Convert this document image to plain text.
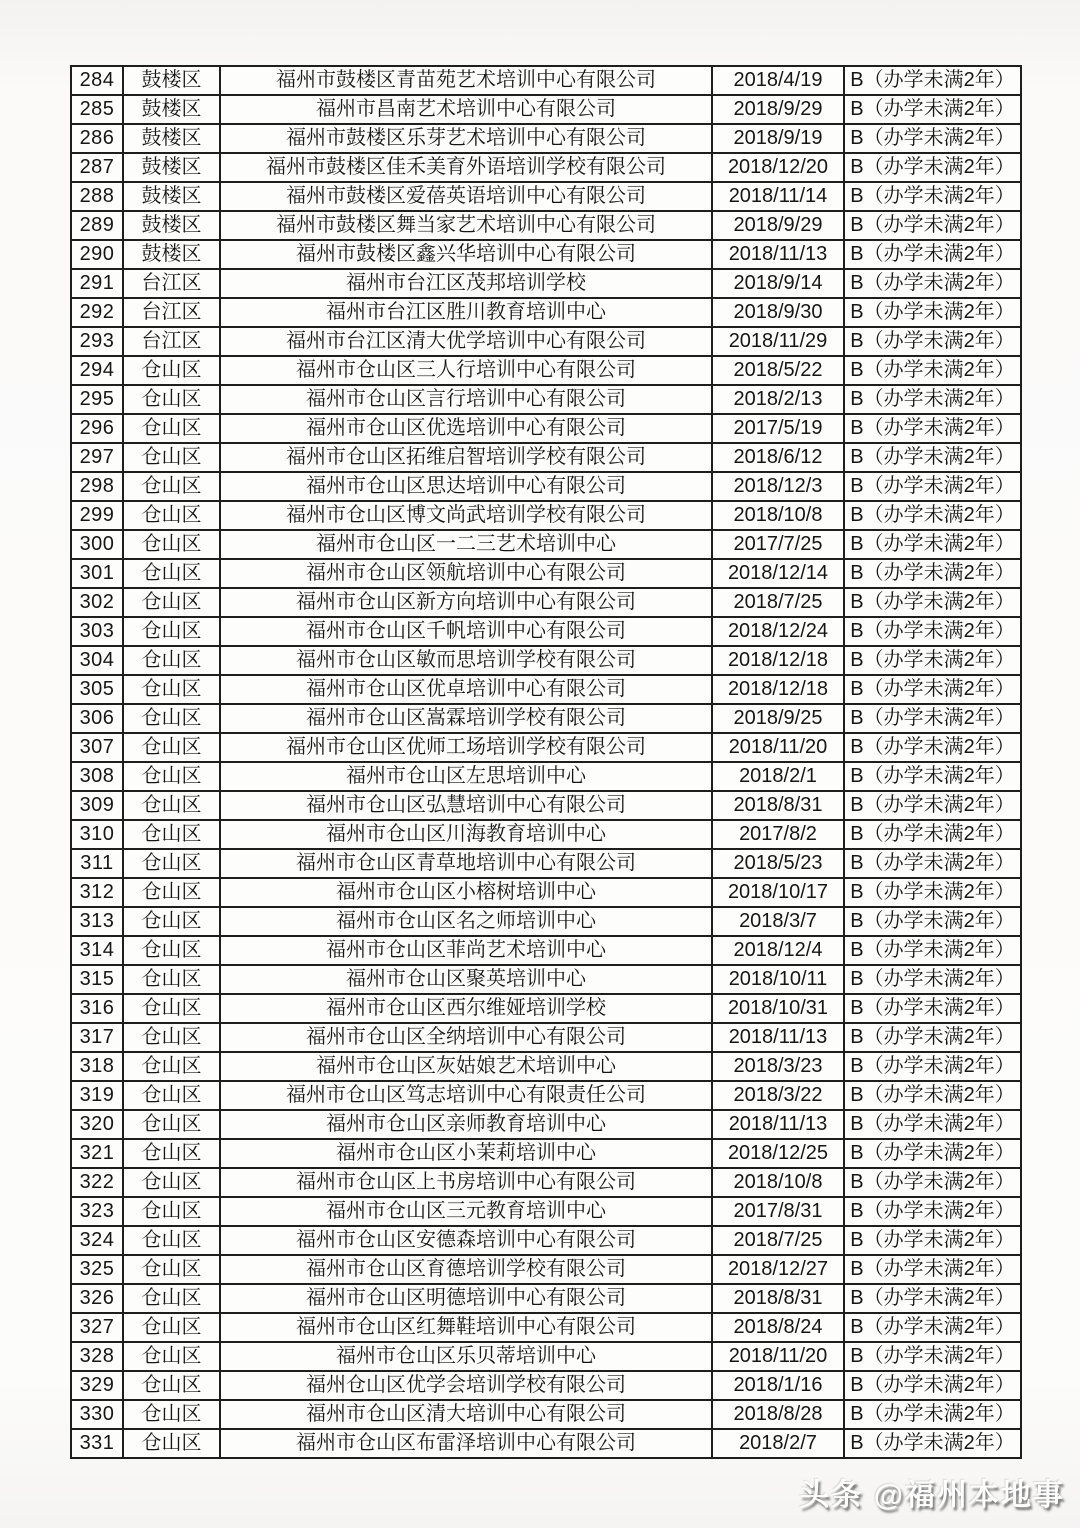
284	鼓楼区	福州市鼓楼区青苗苑艺术培训中心有限公司	2018/4/19	B（办学未满2年）
285	鼓楼区	福州市昌南艺术培训中心有限公司	2018/9/29	B（办学未满2年）
286	鼓楼区	福州市鼓楼区乐芽艺术培训中心有限公司	2018/9/19	B（办学未满2年）
287	鼓楼区	福州市鼓楼区佳禾美育外语培训学校有限公司	2018/12/20	B（办学未满2年）
288	鼓楼区	福州市鼓楼区爱蓓英语培训中心有限公司	2018/11/14	B（办学未满2年）
289	鼓楼区	福州市鼓楼区舞当家艺术培训中心有限公司	2018/9/29	B（办学未满2年）
290	鼓楼区	福州市鼓楼区鑫兴华培训中心有限公司	2018/11/13	B（办学未满2年）
291	台江区	福州市台江区茂邦培训学校	2018/9/14	B（办学未满2年）
292	台江区	福州市台江区胜川教育培训中心	2018/9/30	B（办学未满2年）
293	台江区	福州市台江区清大优学培训中心有限公司	2018/11/29	B（办学未满2年）
294	仓山区	福州市仓山区三人行培训中心有限公司	2018/5/22	B（办学未满2年）
295	仓山区	福州市仓山区言行培训中心有限公司	2018/2/13	B（办学未满2年）
296	仓山区	福州市仓山区优选培训中心有限公司	2017/5/19	B（办学未满2年）
297	仓山区	福州市仓山区拓维启智培训学校有限公司	2018/6/12	B（办学未满2年）
298	仓山区	福州市仓山区思达培训中心有限公司	2018/12/3	B（办学未满2年）
299	仓山区	福州市仓山区博文尚武培训学校有限公司	2018/10/8	B（办学未满2年）
300	仓山区	福州市仓山区一二三艺术培训中心	2017/7/25	B（办学未满2年）
301	仓山区	福州市仓山区领航培训中心有限公司	2018/12/14	B（办学未满2年）
302	仓山区	福州市仓山区新方向培训中心有限公司	2018/7/25	B（办学未满2年）
303	仓山区	福州市仓山区千帆培训中心有限公司	2018/12/24	B（办学未满2年）
304	仓山区	福州市仓山区敏而思培训学校有限公司	2018/12/18	B（办学未满2年）
305	仓山区	福州市仓山区优卓培训中心有限公司	2018/12/18	B（办学未满2年）
306	仓山区	福州市仓山区嵩霖培训学校有限公司	2018/9/25	B（办学未满2年）
307	仓山区	福州市仓山区优师工场培训学校有限公司	2018/11/20	B（办学未满2年）
308	仓山区	福州市仓山区左思培训中心	2018/2/1	B（办学未满2年）
309	仓山区	福州市仓山区弘慧培训中心有限公司	2018/8/31	B（办学未满2年）
310	仓山区	福州市仓山区川海教育培训中心	2017/8/2	B（办学未满2年）
311	仓山区	福州市仓山区青草地培训中心有限公司	2018/5/23	B（办学未满2年）
312	仓山区	福州市仓山区小榕树培训中心	2018/10/17	B（办学未满2年）
313	仓山区	福州市仓山区名之师培训中心	2018/3/7	B（办学未满2年）
314	仓山区	福州市仓山区菲尚艺术培训中心	2018/12/4	B（办学未满2年）
315	仓山区	福州市仓山区聚英培训中心	2018/10/11	B（办学未满2年）
316	仓山区	福州市仓山区西尔维娅培训学校	2018/10/31	B（办学未满2年）
317	仓山区	福州市仓山区全纳培训中心有限公司	2018/11/13	B（办学未满2年）
318	仓山区	福州市仓山区灰姑娘艺术培训中心	2018/3/23	B（办学未满2年）
319	仓山区	福州市仓山区笃志培训中心有限责任公司	2018/3/22	B（办学未满2年）
320	仓山区	福州市仓山区亲师教育培训中心	2018/11/13	B（办学未满2年）
321	仓山区	福州市仓山区小茉莉培训中心	2018/12/25	B（办学未满2年）
322	仓山区	福州市仓山区上书房培训中心有限公司	2018/10/8	B（办学未满2年）
323	仓山区	福州市仓山区三元教育培训中心	2017/8/31	B（办学未满2年）
324	仓山区	福州市仓山区安德森培训中心有限公司	2018/7/25	B（办学未满2年）
325	仓山区	福州市仓山区育德培训学校有限公司	2018/12/27	B（办学未满2年）
326	仓山区	福州市仓山区明德培训中心有限公司	2018/8/31	B（办学未满2年）
327	仓山区	福州市仓山区红舞鞋培训中心有限公司	2018/8/24	B（办学未满2年）
328	仓山区	福州市仓山区乐贝蒂培训中心	2018/11/20	B（办学未满2年）
329	仓山区	福州仓山区优学会培训学校有限公司	2018/1/16	B（办学未满2年）
330	仓山区	福州市仓山区清大培训中心有限公司	2018/8/28	B（办学未满2年）
331	仓山区	福州市仓山区布雷泽培训中心有限公司	2018/2/7	B（办学未满2年）
头条 @福州本地事
